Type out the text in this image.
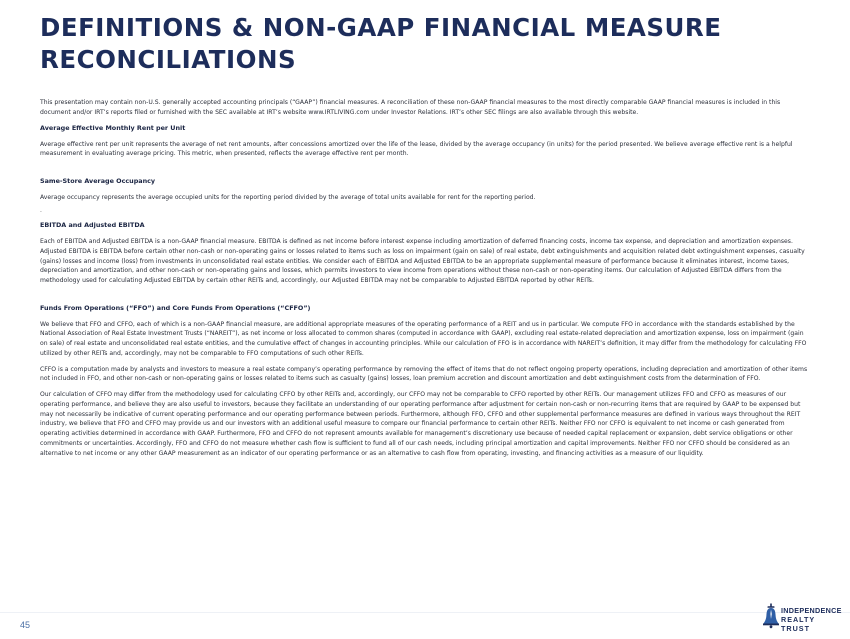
DEFINITIONS & NON-GAAP FINANCIAL MEASURE RECONCILIATIONS

This presentation may contain non-U.S. generally accepted accounting principals (“GAAP”) financial measures. A reconciliation of these non-GAAP financial measures to the most directly comparable GAAP financial measures is included in this document and/or IRT’s reports filed or furnished with the SEC available at IRT’s website www.IRTLIVING.com under Investor Relations. IRT’s other SEC filings are also available through this website.

Average Effective Monthly Rent per Unit

Average effective rent per unit represents the average of net rent amounts, after concessions amortized over the life of the lease, divided by the average occupancy (in units) for the period presented. We believe average effective rent is a helpful measurement in evaluating average pricing. This metric, when presented, reflects the average effective rent per month.

Same-Store Average Occupancy

Average occupancy represents the average occupied units for the reporting period divided by the average of total units available for rent for the reporting period.

.

EBITDA and Adjusted EBITDA

Each of EBITDA and Adjusted EBITDA is a non-GAAP financial measure. EBITDA is defined as net income before interest expense including amortization of deferred financing costs, income tax expense, and depreciation and amortization expenses. Adjusted EBITDA is EBITDA before certain other non-cash or non-operating gains or losses related to items such as loss on impairment (gain on sale) of real estate, debt extinguishments and acquisition related debt extinguishment expenses, casualty (gains) losses and income (loss) from investments in unconsolidated real estate entities. We consider each of EBITDA and Adjusted EBITDA to be an appropriate supplemental measure of performance because it eliminates interest, income taxes, depreciation and amortization, and other non-cash or non-operating gains and losses, which permits investors to view income from operations without these non-cash or non-operating items. Our calculation of Adjusted EBITDA differs from the methodology used for calculating Adjusted EBITDA by certain other REITs and, accordingly, our Adjusted EBITDA may not be comparable to Adjusted EBITDA reported by other REITs.

Funds From Operations (“FFO”) and Core Funds From Operations (“CFFO”)

We believe that FFO and CFFO, each of which is a non-GAAP financial measure, are additional appropriate measures of the operating performance of a REIT and us in particular. We compute FFO in accordance with the standards established by the National Association of Real Estate Investment Trusts (“NAREIT”), as net income or loss allocated to common shares (computed in accordance with GAAP), excluding real estate-related depreciation and amortization expense, loss on impairment (gain on sale) of real estate and unconsolidated real estate entities, and the cumulative effect of changes in accounting principles. While our calculation of FFO is in accordance with NAREIT’s definition, it may differ from the methodology for calculating FFO utilized by other REITs and, accordingly, may not be comparable to FFO computations of such other REITs.

CFFO is a computation made by analysts and investors to measure a real estate company’s operating performance by removing the effect of items that do not reflect ongoing property operations, including depreciation and amortization of other items not included in FFO, and other non-cash or non-operating gains or losses related to items such as casualty (gains) losses, loan premium accretion and discount amortization and debt extinguishment costs from the determination of FFO.

Our calculation of CFFO may differ from the methodology used for calculating CFFO by other REITs and, accordingly, our CFFO may not be comparable to CFFO reported by other REITs. Our management utilizes FFO and CFFO as measures of our operating performance, and believe they are also useful to investors, because they facilitate an understanding of our operating performance after adjustment for certain non-cash or non-recurring items that are required by GAAP to be expensed but may not necessarily be indicative of current operating performance and our operating performance between periods. Furthermore, although FFO, CFFO and other supplemental performance measures are defined in various ways throughout the REIT industry, we believe that FFO and CFFO may provide us and our investors with an additional useful measure to compare our financial performance to certain other REITs. Neither FFO nor CFFO is equivalent to net income or cash generated from operating activities determined in accordance with GAAP. Furthermore, FFO and CFFO do not represent amounts available for management’s discretionary use because of needed capital replacement or expansion, debt service obligations or other commitments or uncertainties. Accordingly, FFO and CFFO do not measure whether cash flow is sufficient to fund all of our cash needs, including principal amortization and capital improvements. Neither FFO nor CFFO should be considered as an alternative to net income or any other GAAP measurement as an indicator of our operating performance or as an alternative to cash flow from operating, investing, and financing activities as a measure of our liquidity.

45
INDEPENDENCE
REALTY TRUST
